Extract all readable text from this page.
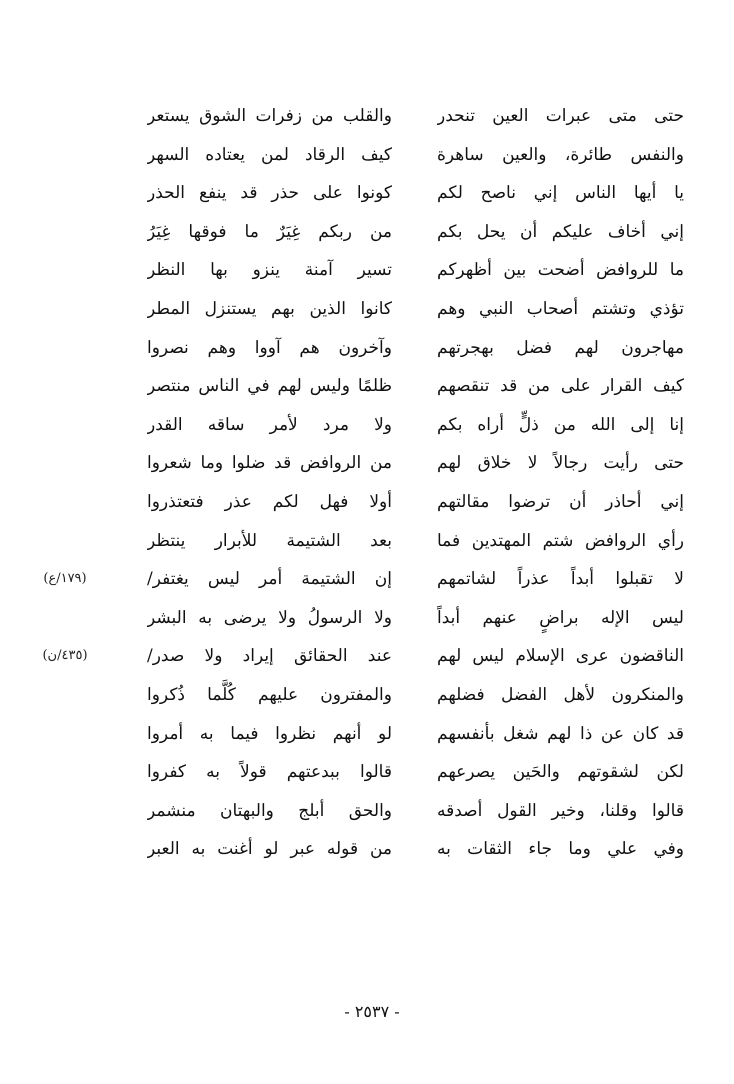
حتى متى عبرات العين تنحدر
والقلب من زفرات الشوق يستعر
والنفس طائرة، والعين ساهرة
كيف الرقاد لمن يعتاده السهر
يا أيها الناس إني ناصح لكم
كونوا على حذر قد ينفع الحذر
إني أخاف عليكم أن يحل بكم
من ربكم غِيَرٌ ما فوقها غِيَرُ
ما للروافض أضحت بين أظهركم
تسير آمنة ينزو بها النظر
تؤذي وتشتم أصحاب النبي وهم
كانوا الذين بهم يستنزل المطر
مهاجرون لهم فضل بهجرتهم
وآخرون هم آووا وهم نصروا
كيف القرار على من قد تنقصهم
ظلمًا وليس لهم في الناس منتصر
إنا إلى الله من ذلٍّ أراه بكم
ولا مرد لأمر ساقه القدر
حتى رأيت رجالاً لا خلاق لهم
من الروافض قد ضلوا وما شعروا
إني أحاذر أن ترضوا مقالتهم
أولا فهل لكم عذر فتعتذروا
رأي الروافض شتم المهتدين فما
بعد الشتيمة للأبرار ينتظر
لا تقبلوا أبداً عذراً لشاتمهم
إن الشتيمة أمر ليس يغتفر/
(١٧٩/ع)
ليس الإله براضٍ عنهم أبداً
ولا الرسولُ ولا يرضى به البشر
الناقضون عرى الإسلام ليس لهم
عند الحقائق إيراد ولا صدر/
(٤٣٥/ن)
والمنكرون لأهل الفضل فضلهم
والمفترون عليهم كُلَّما ذُكروا
قد كان عن ذا لهم شغل بأنفسهم
لو أنهم نظروا فيما به أمروا
لكن لشقوتهم والحَين يصرعهم
قالوا ببدعتهم قولاً به كفروا
قالوا وقلنا، وخير القول أصدقه
والحق أبلج والبهتان منشمر
وفي علي وما جاء الثقات به
من قوله عبر لو أغنت به العبر
- ٢٥٣٧ -
